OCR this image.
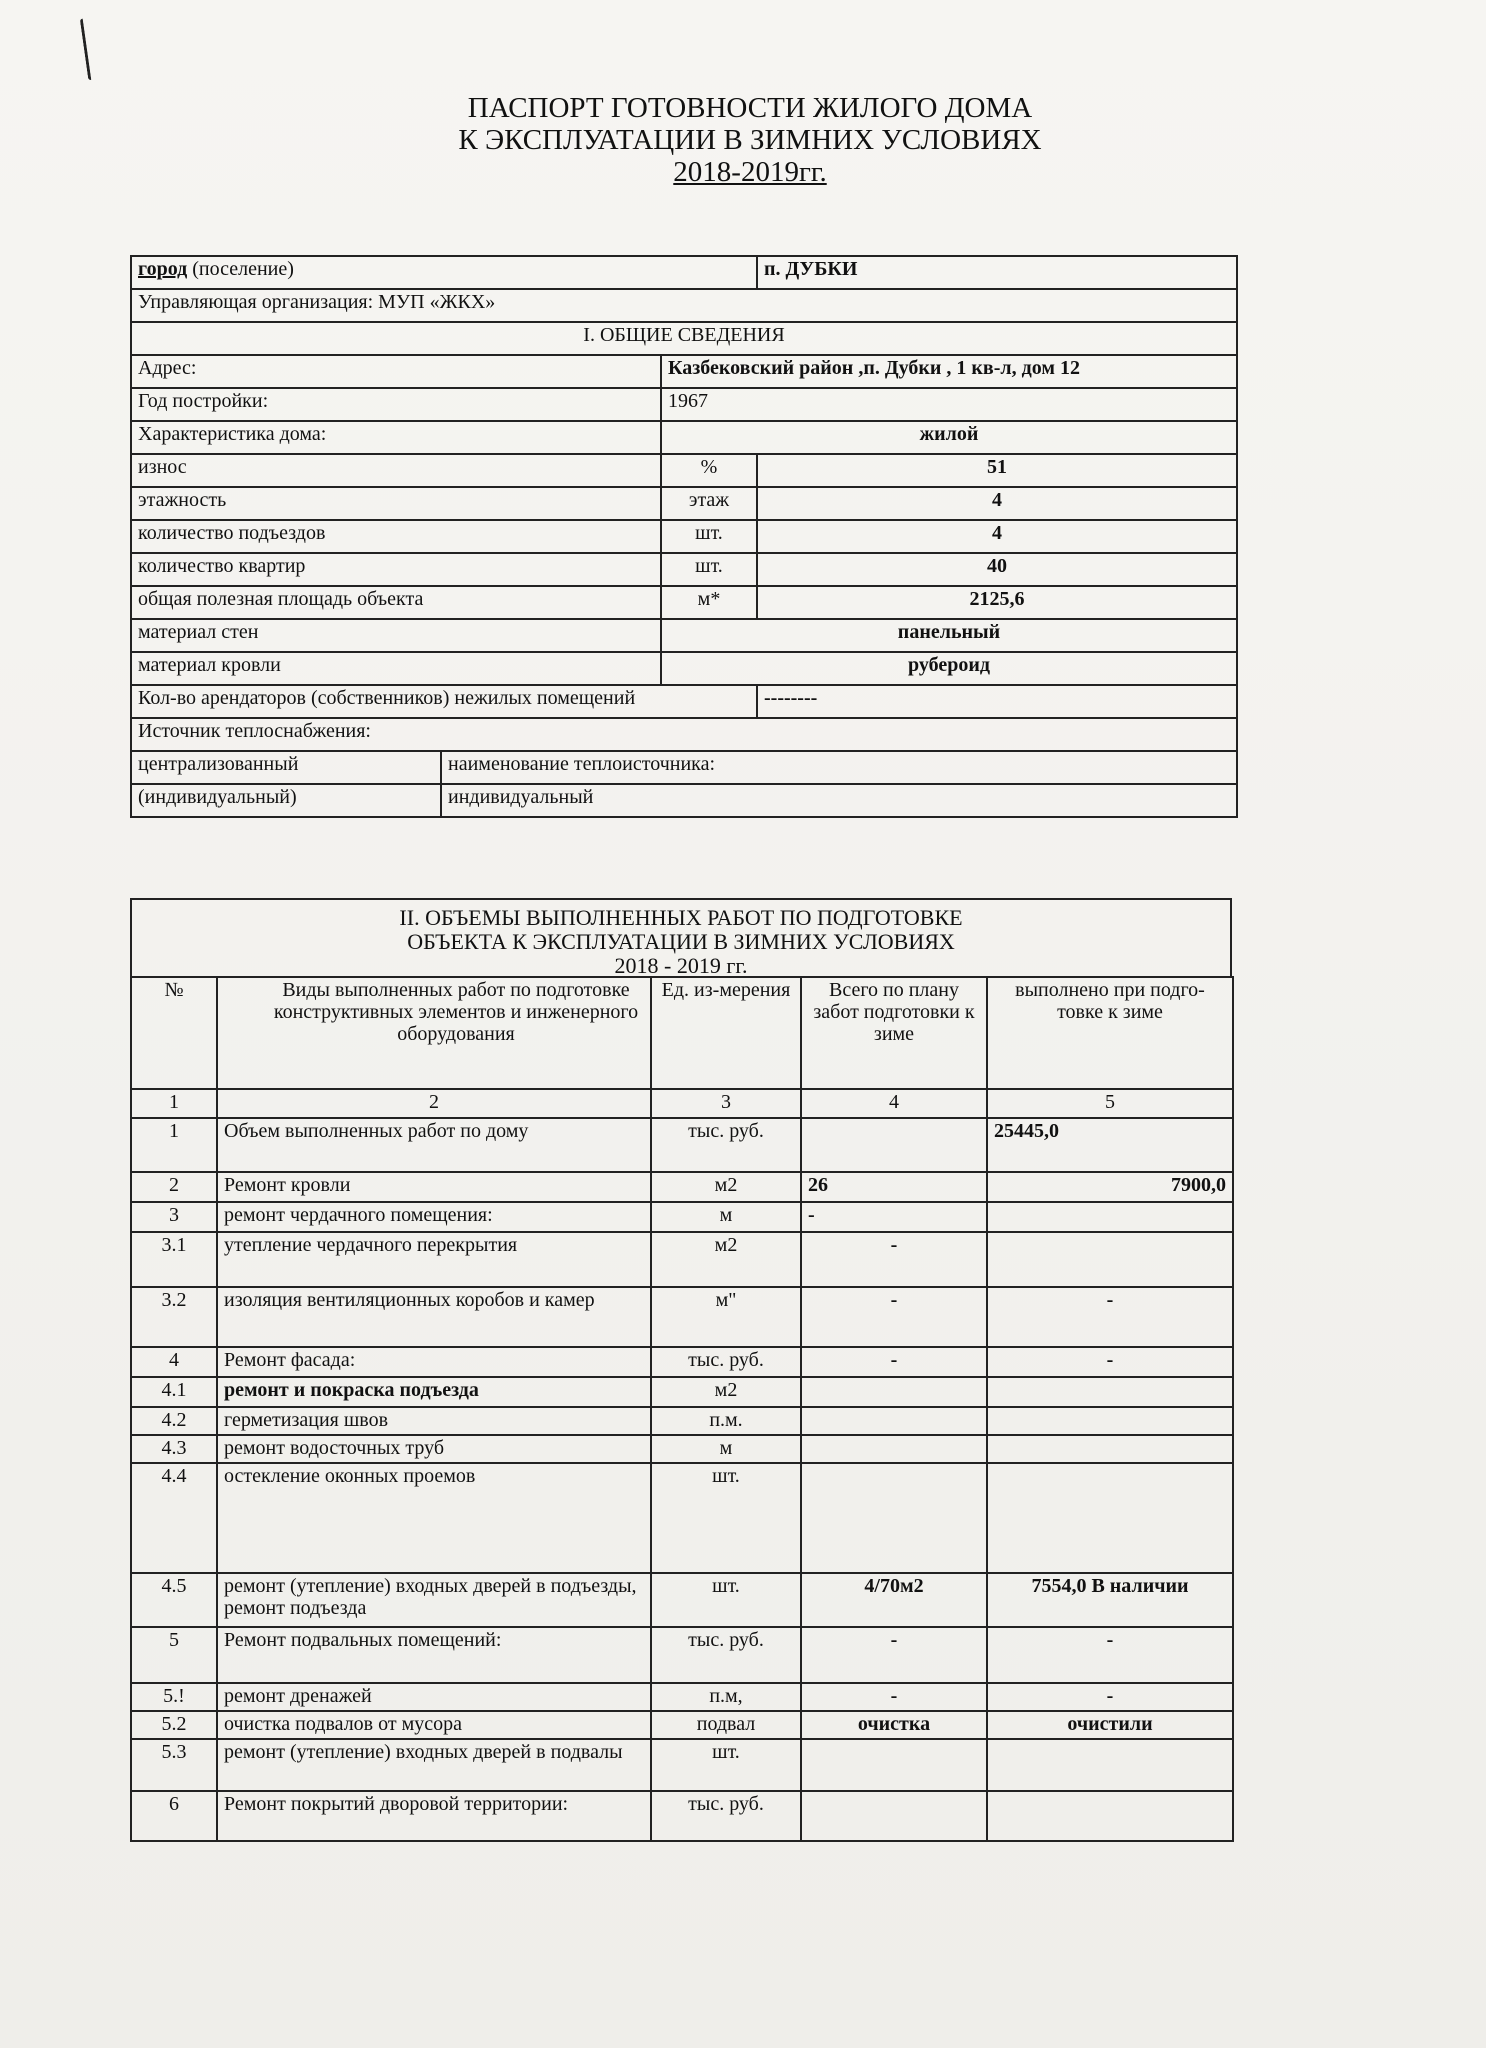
ПАСПОРТ ГОТОВНОСТИ ЖИЛОГО ДОМА
К ЭКСПЛУАТАЦИИ В ЗИМНИХ УСЛОВИЯХ
2018-2019гг.
город (поселение)			п. ДУБКИ
Управляющая организация: МУП «ЖКХ»			
I. ОБЩИЕ СВЕДЕНИЯ			
Адрес:		Казбековский район ,п. Дубки , 1 кв-л, дом 12	
Год постройки:		1967	
Характеристика дома:		жилой	
износ		%	51
этажность		этаж	4
количество подъездов		шт.	4
количество квартир		шт.	40
общая полезная площадь объекта		м*	2125,6
материал стен		панельный	
материал кровли		рубероид	
Кол-во арендаторов (собственников) нежилых помещений			--------
Источник теплоснабжения:			
централизованный	наименование теплоисточника:		
(индивидуальный)	индивидуальный		
II. ОБЪЕМЫ ВЫПОЛНЕННЫХ РАБОТ ПО ПОДГОТОВКЕ
ОБЪЕКТА К ЭКСПЛУАТАЦИИ В ЗИМНИХ УСЛОВИЯХ
2018 - 2019 гг.
№	Виды выполненных работ по подготовке конструктивных элементов и инженерного оборудования	Ед. из-мерения	Всего по плану забот подготовки к зиме	выполнено при подго-товке к зиме
1	2	3	4	5
1	Объем выполненных работ по дому	тыс. руб.		25445,0
2	Ремонт кровли	м2	26	7900,0
3	ремонт чердачного помещения:	м	-	
3.1	утепление чердачного перекрытия	м2	-	
3.2	изоляция вентиляционных коробов и камер	м"	-	-
4	Ремонт фасада:	тыс. руб.	-	-
4.1	ремонт и покраска подъезда	м2		
4.2	герметизация швов	п.м.		
4.3	ремонт водосточных труб	м		
4.4	остекление оконных проемов	шт.		
4.5	ремонт (утепление) входных дверей в подъезды, ремонт подъезда	шт.	4/70м2	7554,0 В наличии
5	Ремонт подвальных помещений:	тыс. руб.	-	-
5.!	ремонт дренажей	п.м,	-	-
5.2	очистка подвалов от мусора	подвал	очистка	очистили
5.3	ремонт (утепление) входных дверей в подвалы	шт.		
6	Ремонт покрытий дворовой территории:	тыс. руб.		
